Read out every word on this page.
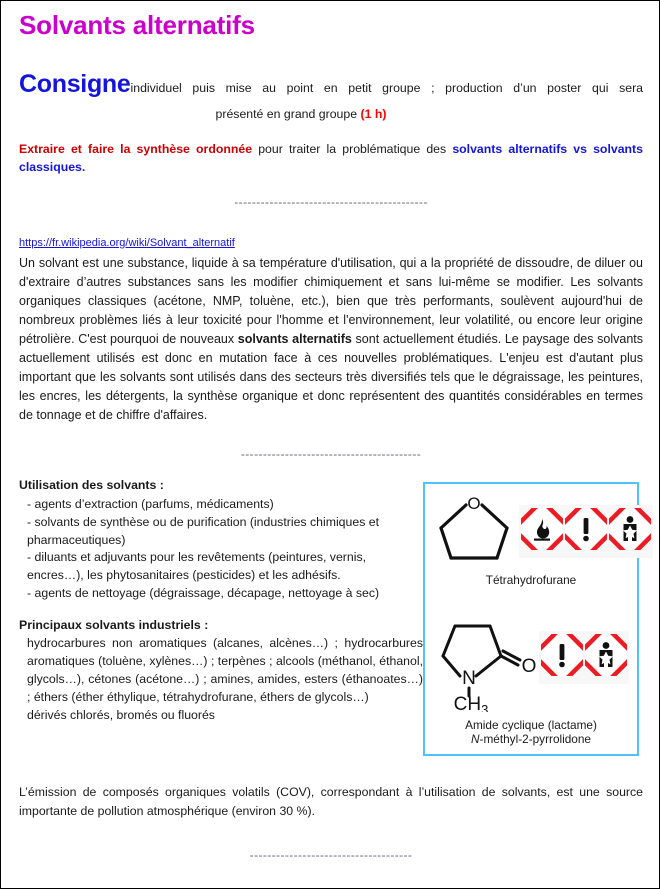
Solvants alternatifs
Consigneindividuel puis mise au point en petit groupe ; production d’un poster qui sera
présenté en grand groupe (1 h)
Extraire et faire la synthèse ordonnée pour traiter la problématique des solvants alternatifs vs solvants classiques.
--------------------------------------------
https://fr.wikipedia.org/wiki/Solvant_alternatif
Un solvant est une substance, liquide à sa température d'utilisation, qui a la propriété de dissoudre, de diluer ou d'extraire d’autres substances sans les modifier chimiquement et sans lui-même se modifier. Les solvants organiques classiques (acétone, NMP, toluène, etc.), bien que très performants, soulèvent aujourd'hui de nombreux problèmes liés à leur toxicité pour l'homme et l'environnement, leur volatilité, ou encore leur origine pétrolière. C'est pourquoi de nouveaux solvants alternatifs sont actuellement étudiés. Le paysage des solvants actuellement utilisés est donc en mutation face à ces nouvelles problématiques. L'enjeu est d'autant plus important que les solvants sont utilisés dans des secteurs très diversifiés tels que le dégraissage, les peintures, les encres, les détergents, la synthèse organique et donc représentent des quantités considérables en termes de tonnage et de chiffre d'affaires.
-----------------------------------------
Utilisation des solvants :
- agents d’extraction (parfums, médicaments)
- solvants de synthèse ou de purification (industries chimiques et pharmaceutiques)
- diluants et adjuvants pour les revêtements (peintures, vernis, encres…), les phytosanitaires (pesticides) et les adhésifs.
- agents de nettoyage (dégraissage, décapage, nettoyage à sec)
Principaux solvants industriels :
hydrocarbures non aromatiques (alcanes, alcènes…) ; hydrocarbures aromatiques (toluène, xylènes…) ; terpènes ; alcools (méthanol, éthanol, glycols…), cétones (acétone…) ; amines, amides, esters (éthanoates…) ; éthers (éther éthylique, tétrahydrofurane, éthers de glycols…)
dérivés chlorés, bromés ou fluorés
O
Tétrahydrofurane
O
N
$CH_3$
Amide cyclique (lactame)
N-méthyl-2-pyrrolidone
L’émission de composés organiques volatils (COV), correspondant à l’utilisation de solvants, est une source importante de pollution atmosphérique (environ 30 %).
-------------------------------------
